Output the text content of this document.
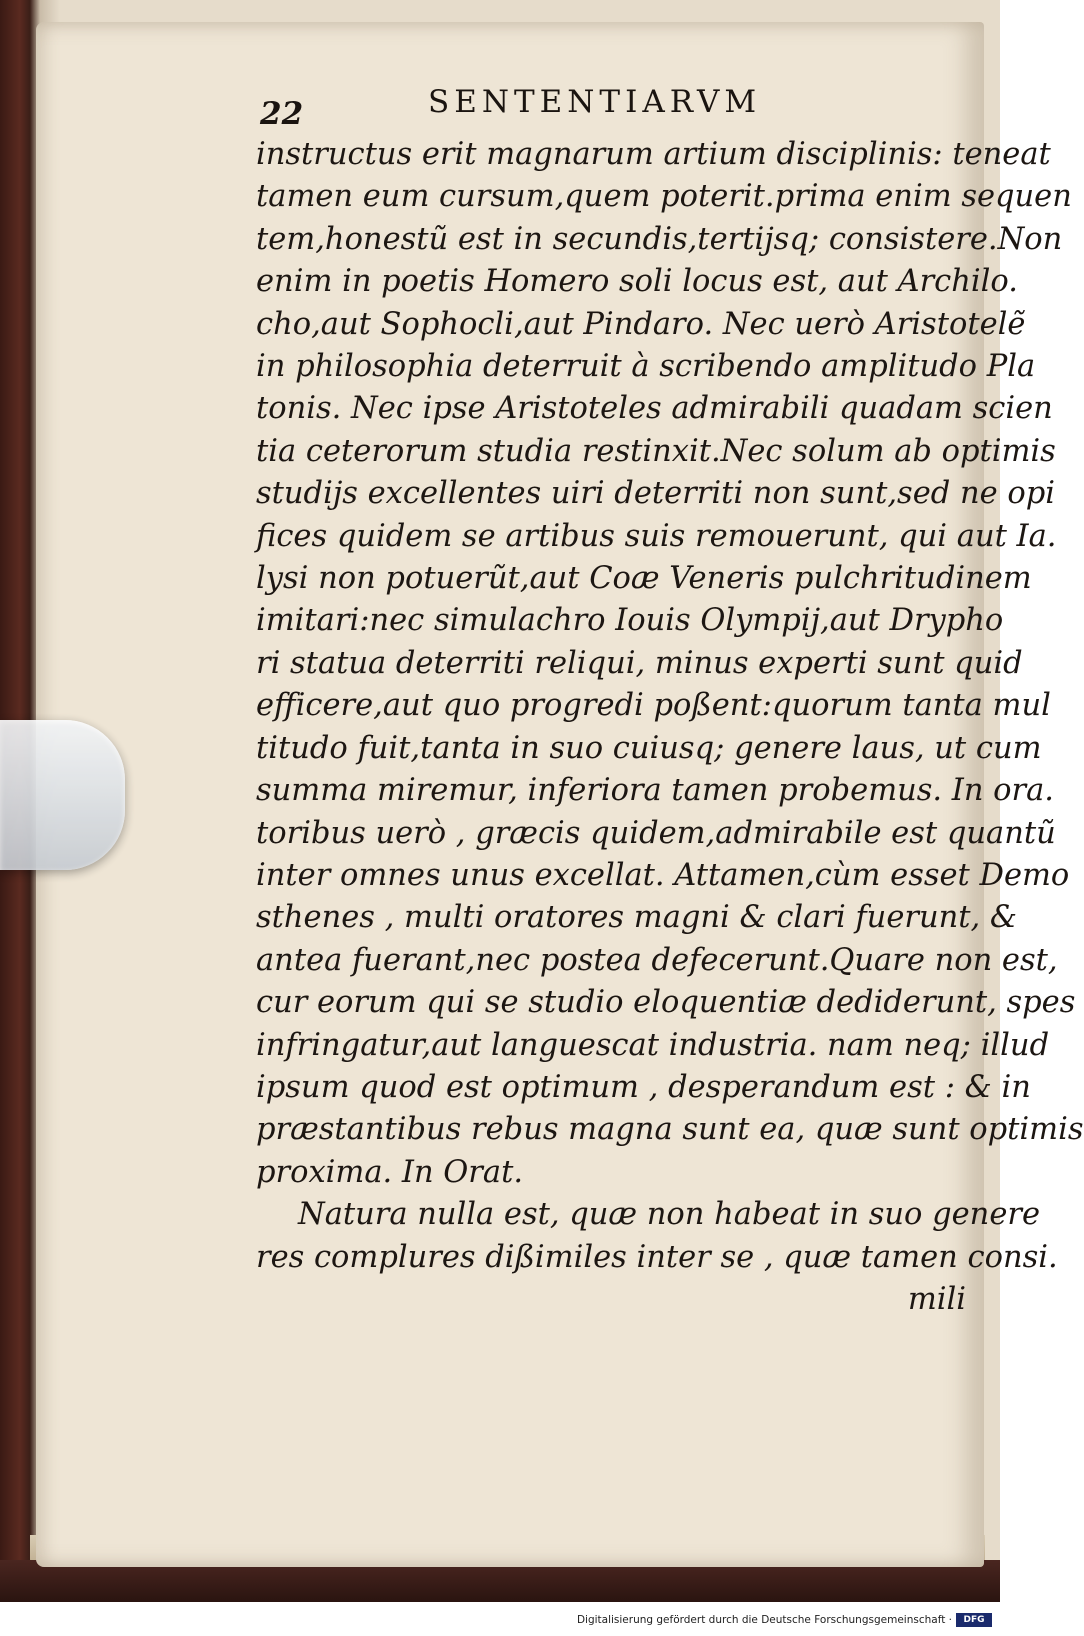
22	SENTENTIARVM
instructus erit magnarum artium disciplinis: teneat
tamen eum cursum,quem poterit.prima enim sequen
tem,honestũ est in secundis,tertijsq; consistere.Non
enim in poetis Homero soli locus est, aut Archilo.
cho,aut Sophocli,aut Pindaro. Nec uerò Aristotelẽ
in philosophia deterruit à scribendo amplitudo Pla
tonis. Nec ipse Aristoteles admirabili quadam scien
tia ceterorum studia restinxit.Nec solum ab optimis
studijs excellentes uiri deterriti non sunt,sed ne opi
fices quidem se artibus suis remouerunt, qui aut Ia.
lysi non potuerũt,aut Coæ Veneris pulchritudinem
imitari:nec simulachro Iouis Olympij,aut Drypho
ri statua deterriti reliqui, minus experti sunt quid
efficere,aut quo progredi poßent:quorum tanta mul
titudo fuit,tanta in suo cuiusq; genere laus, ut cum
summa miremur, inferiora tamen probemus. In ora.
toribus uerò , græcis quidem,admirabile est quantũ
inter omnes unus excellat. Attamen,cùm esset Demo
sthenes , multi oratores magni & clari fuerunt, &
antea fuerant,nec postea defecerunt.Quare non est,
cur eorum qui se studio eloquentiæ dediderunt, spes
infringatur,aut languescat industria. nam neq; illud
ipsum quod est optimum , desperandum est : & in
præstantibus rebus magna sunt ea, quæ sunt optimis
proxima. In Orat.
Natura nulla est, quæ non habeat in suo genere
res complures dißimiles inter se , quæ tamen consi.
mili
Digitalisierung gefördert durch die Deutsche Forschungsgemeinschaft ·	DFG
